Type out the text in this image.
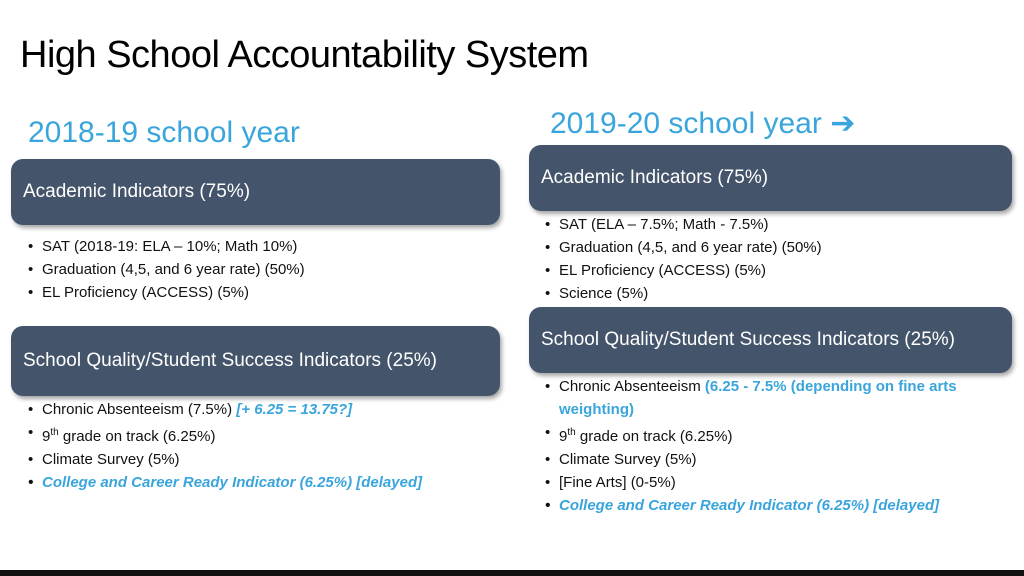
High School Accountability System
2018-19 school year
Academic Indicators (75%)
• SAT (2018-19: ELA – 10%; Math 10%)
• Graduation (4,5, and 6 year rate) (50%)
• EL Proficiency (ACCESS) (5%)
School Quality/Student Success Indicators (25%)
• Chronic Absenteeism (7.5%) [+ 6.25 = 13.75?]
• 9th grade on track (6.25%)
• Climate Survey (5%)
• College and Career Ready Indicator (6.25%) [delayed]
2019-20 school year ➔
Academic Indicators (75%)
• SAT (ELA – 7.5%; Math - 7.5%)
• Graduation (4,5, and 6 year rate) (50%)
• EL Proficiency (ACCESS) (5%)
• Science (5%)
School Quality/Student Success Indicators (25%)
• Chronic Absenteeism (6.25 - 7.5% (depending on fine arts weighting)
• 9th grade on track (6.25%)
• Climate Survey (5%)
• [Fine Arts] (0-5%)
• College and Career Ready Indicator (6.25%) [delayed]
